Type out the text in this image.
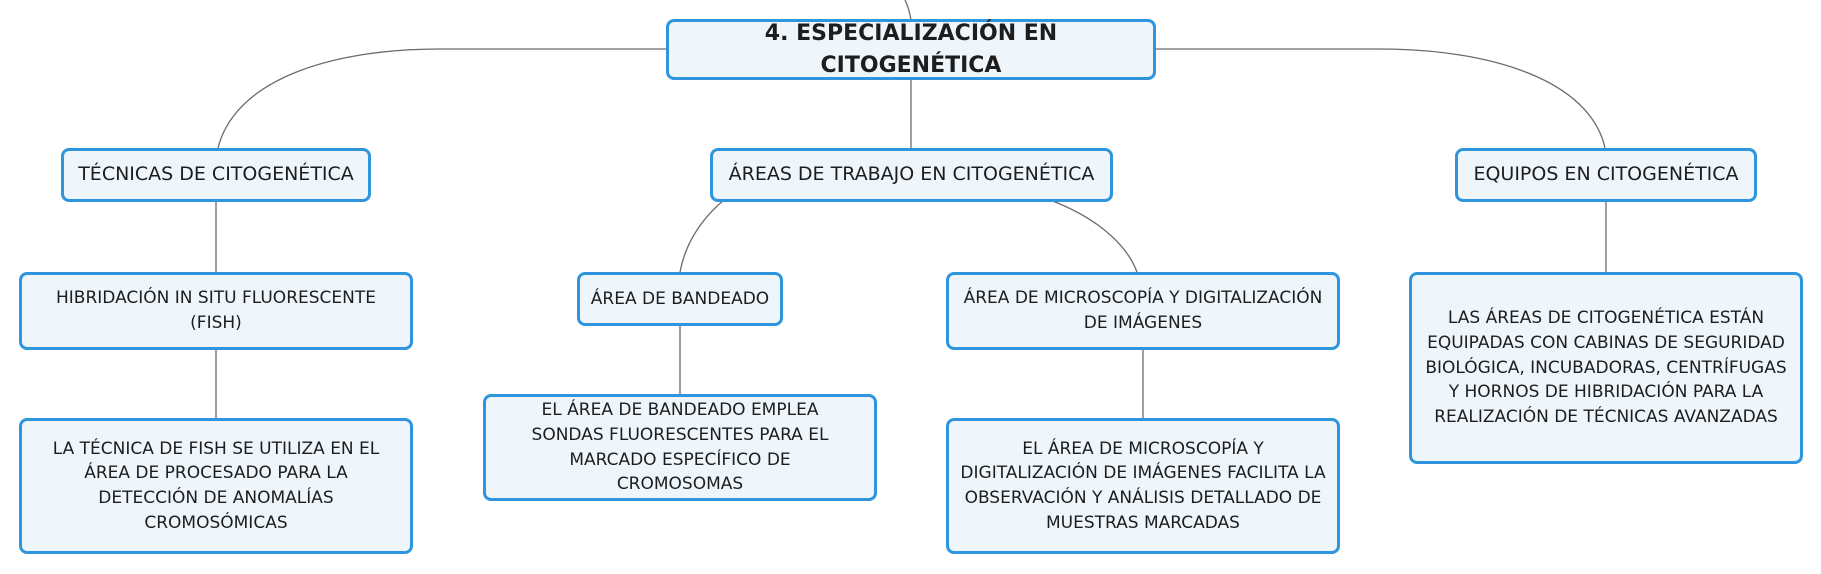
4. ESPECIALIZACIÓN EN CITOGENÉTICA
TÉCNICAS DE CITOGENÉTICA	ÁREAS DE TRABAJO EN CITOGENÉTICA	EQUIPOS EN CITOGENÉTICA
HIBRIDACIÓN IN SITU FLUORESCENTE (FISH)
LA TÉCNICA DE FISH SE UTILIZA EN EL ÁREA DE PROCESADO PARA LA DETECCIÓN DE ANOMALÍAS CROMOSÓMICAS
ÁREA DE BANDEADO
EL ÁREA DE BANDEADO EMPLEA SONDAS FLUORESCENTES PARA EL MARCADO ESPECÍFICO DE CROMOSOMAS
ÁREA DE MICROSCOPÍA Y DIGITALIZACIÓN DE IMÁGENES
EL ÁREA DE MICROSCOPÍA Y DIGITALIZACIÓN DE IMÁGENES FACILITA LA OBSERVACIÓN Y ANÁLISIS DETALLADO DE MUESTRAS MARCADAS
LAS ÁREAS DE CITOGENÉTICA ESTÁN EQUIPADAS CON CABINAS DE SEGURIDAD BIOLÓGICA, INCUBADORAS, CENTRÍFUGAS Y HORNOS DE HIBRIDACIÓN PARA LA REALIZACIÓN DE TÉCNICAS AVANZADAS
